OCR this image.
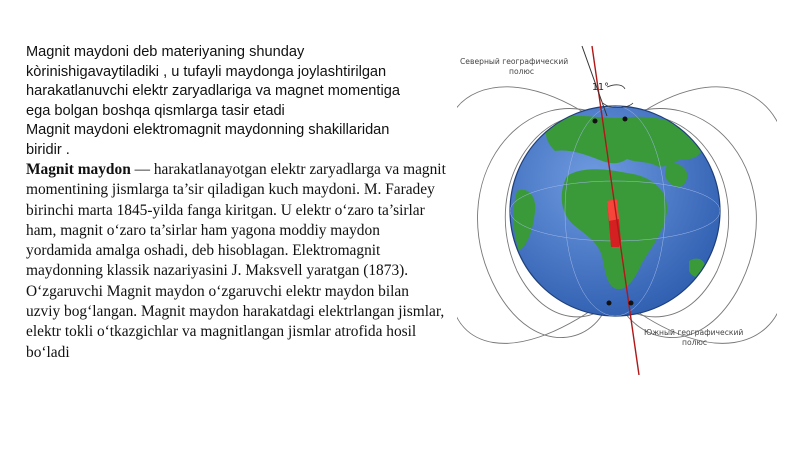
Magnit maydoni deb materiyaning shunday
kòrinishigavaytiladiki , u tufayli maydonga joylashtirilgan
harakatlanuvchi elektr zaryadlariga va magnet momentiga
ega bolgan boshqa qismlarga tasir etadi
Magnit maydoni elektromagnit maydonning shakillaridan
biridir .

Magnit maydon — harakatlanayotgan elektr zaryadlarga va magnit momentining jismlarga ta’sir qiladigan kuch maydoni. M. Faradey birinchi marta 1845-yilda fanga kiritgan. U elektr o‘zaro ta’sirlar ham, magnit o‘zaro ta’sirlar ham yagona moddiy maydon yordamida amalga oshadi, deb hisoblagan. Elektromagnit maydonning klassik nazariyasini J. Maksvell yaratgan (1873). O‘zgaruvchi Magnit maydon o‘zgaruvchi elektr maydon bilan uzviy bog‘langan. Magnit maydon harakatdagi elektrlangan jismlar, elektr tokli o‘tkazgichlar va magnitlangan jismlar atrofida hosil bo‘ladi

Северный географический
полюс
11°
Южный географический
полюс
